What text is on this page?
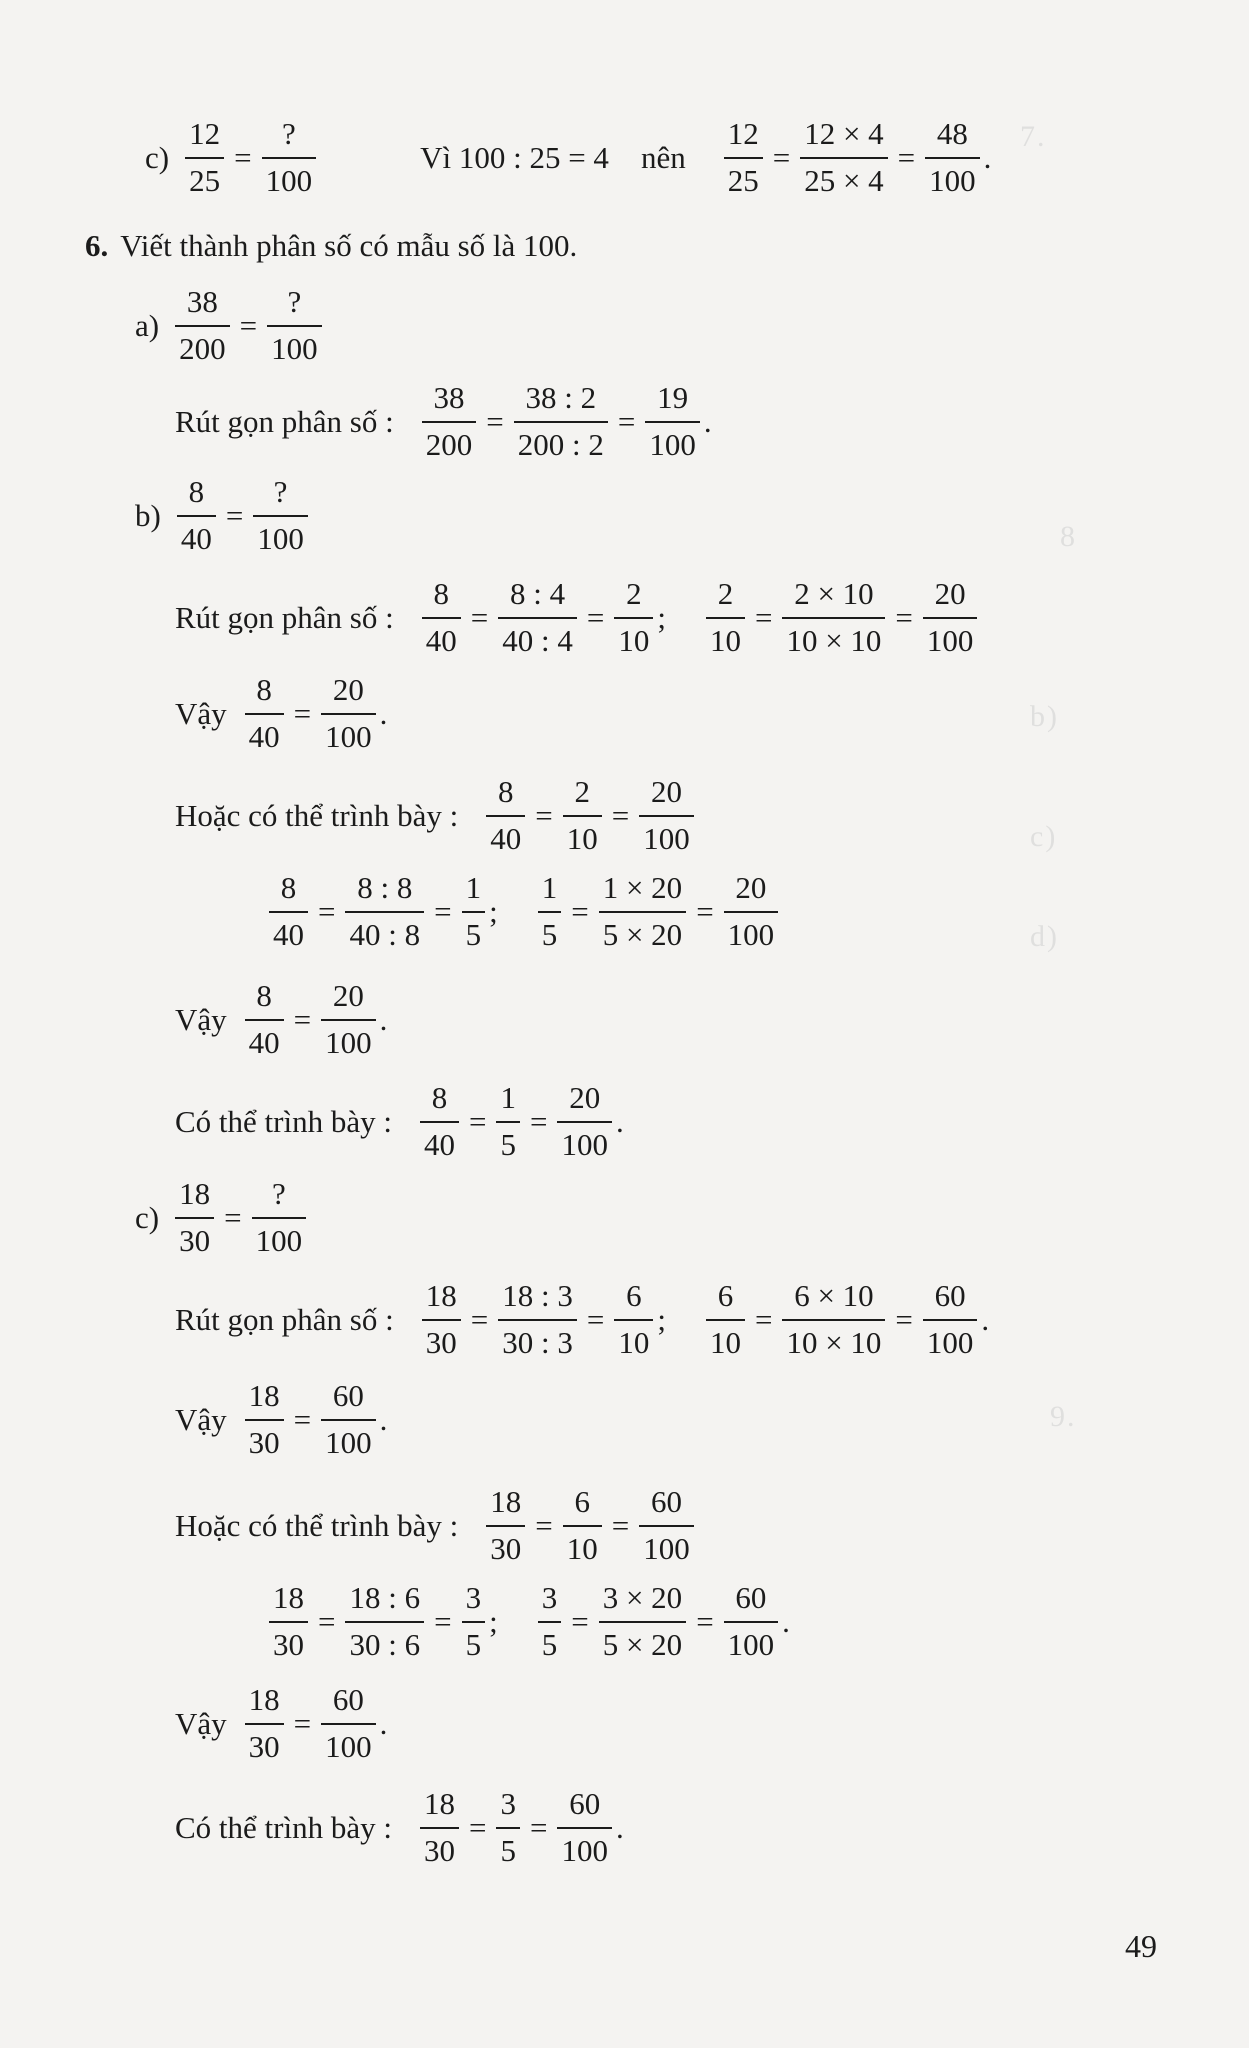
7.
8
b)
c)
d)
9.
$c) \frac{12}{25} = \frac{?}{100}$	Vì 100 : 25 = 4 nên $\frac{12}{25} = \frac{12 \times 4}{25 \times 4} = \frac{48}{100}$ .
6. Viết thành phân số có mẫu số là 100.
$a) \frac{38}{200} = \frac{?}{100}$
Rút gọn phân số : $\frac{38}{200} = \frac{38 : 2}{200 : 2} = \frac{19}{100}$ .
$b) \frac{8}{40} = \frac{?}{100}$
Rút gọn phân số : $\frac{8}{40} = \frac{8 : 4}{40 : 4} = \frac{2}{10}$ ; $\frac{2}{10} = \frac{2 \times 10}{10 \times 10} = \frac{20}{100}$
Vậy $\frac{8}{40} = \frac{20}{100}$ .
Hoặc có thể trình bày : $\frac{8}{40} = \frac{2}{10} = \frac{20}{100}$
$\frac{8}{40} = \frac{8 : 8}{40 : 8} = \frac{1}{5}$ ; $\frac{1}{5} = \frac{1 \times 20}{5 \times 20} = \frac{20}{100}$
Vậy $\frac{8}{40} = \frac{20}{100}$ .
Có thể trình bày : $\frac{8}{40} = \frac{1}{5} = \frac{20}{100}$ .
$c) \frac{18}{30} = \frac{?}{100}$
Rút gọn phân số : $\frac{18}{30} = \frac{18 : 3}{30 : 3} = \frac{6}{10}$ ; $\frac{6}{10} = \frac{6 \times 10}{10 \times 10} = \frac{60}{100}$ .
Vậy $\frac{18}{30} = \frac{60}{100}$ .
Hoặc có thể trình bày : $\frac{18}{30} = \frac{6}{10} = \frac{60}{100}$
$\frac{18}{30} = \frac{18 : 6}{30 : 6} = \frac{3}{5}$ ; $\frac{3}{5} = \frac{3 \times 20}{5 \times 20} = \frac{60}{100}$ .
Vậy $\frac{18}{30} = \frac{60}{100}$ .
Có thể trình bày : $\frac{18}{30} = \frac{3}{5} = \frac{60}{100}$ .
49
